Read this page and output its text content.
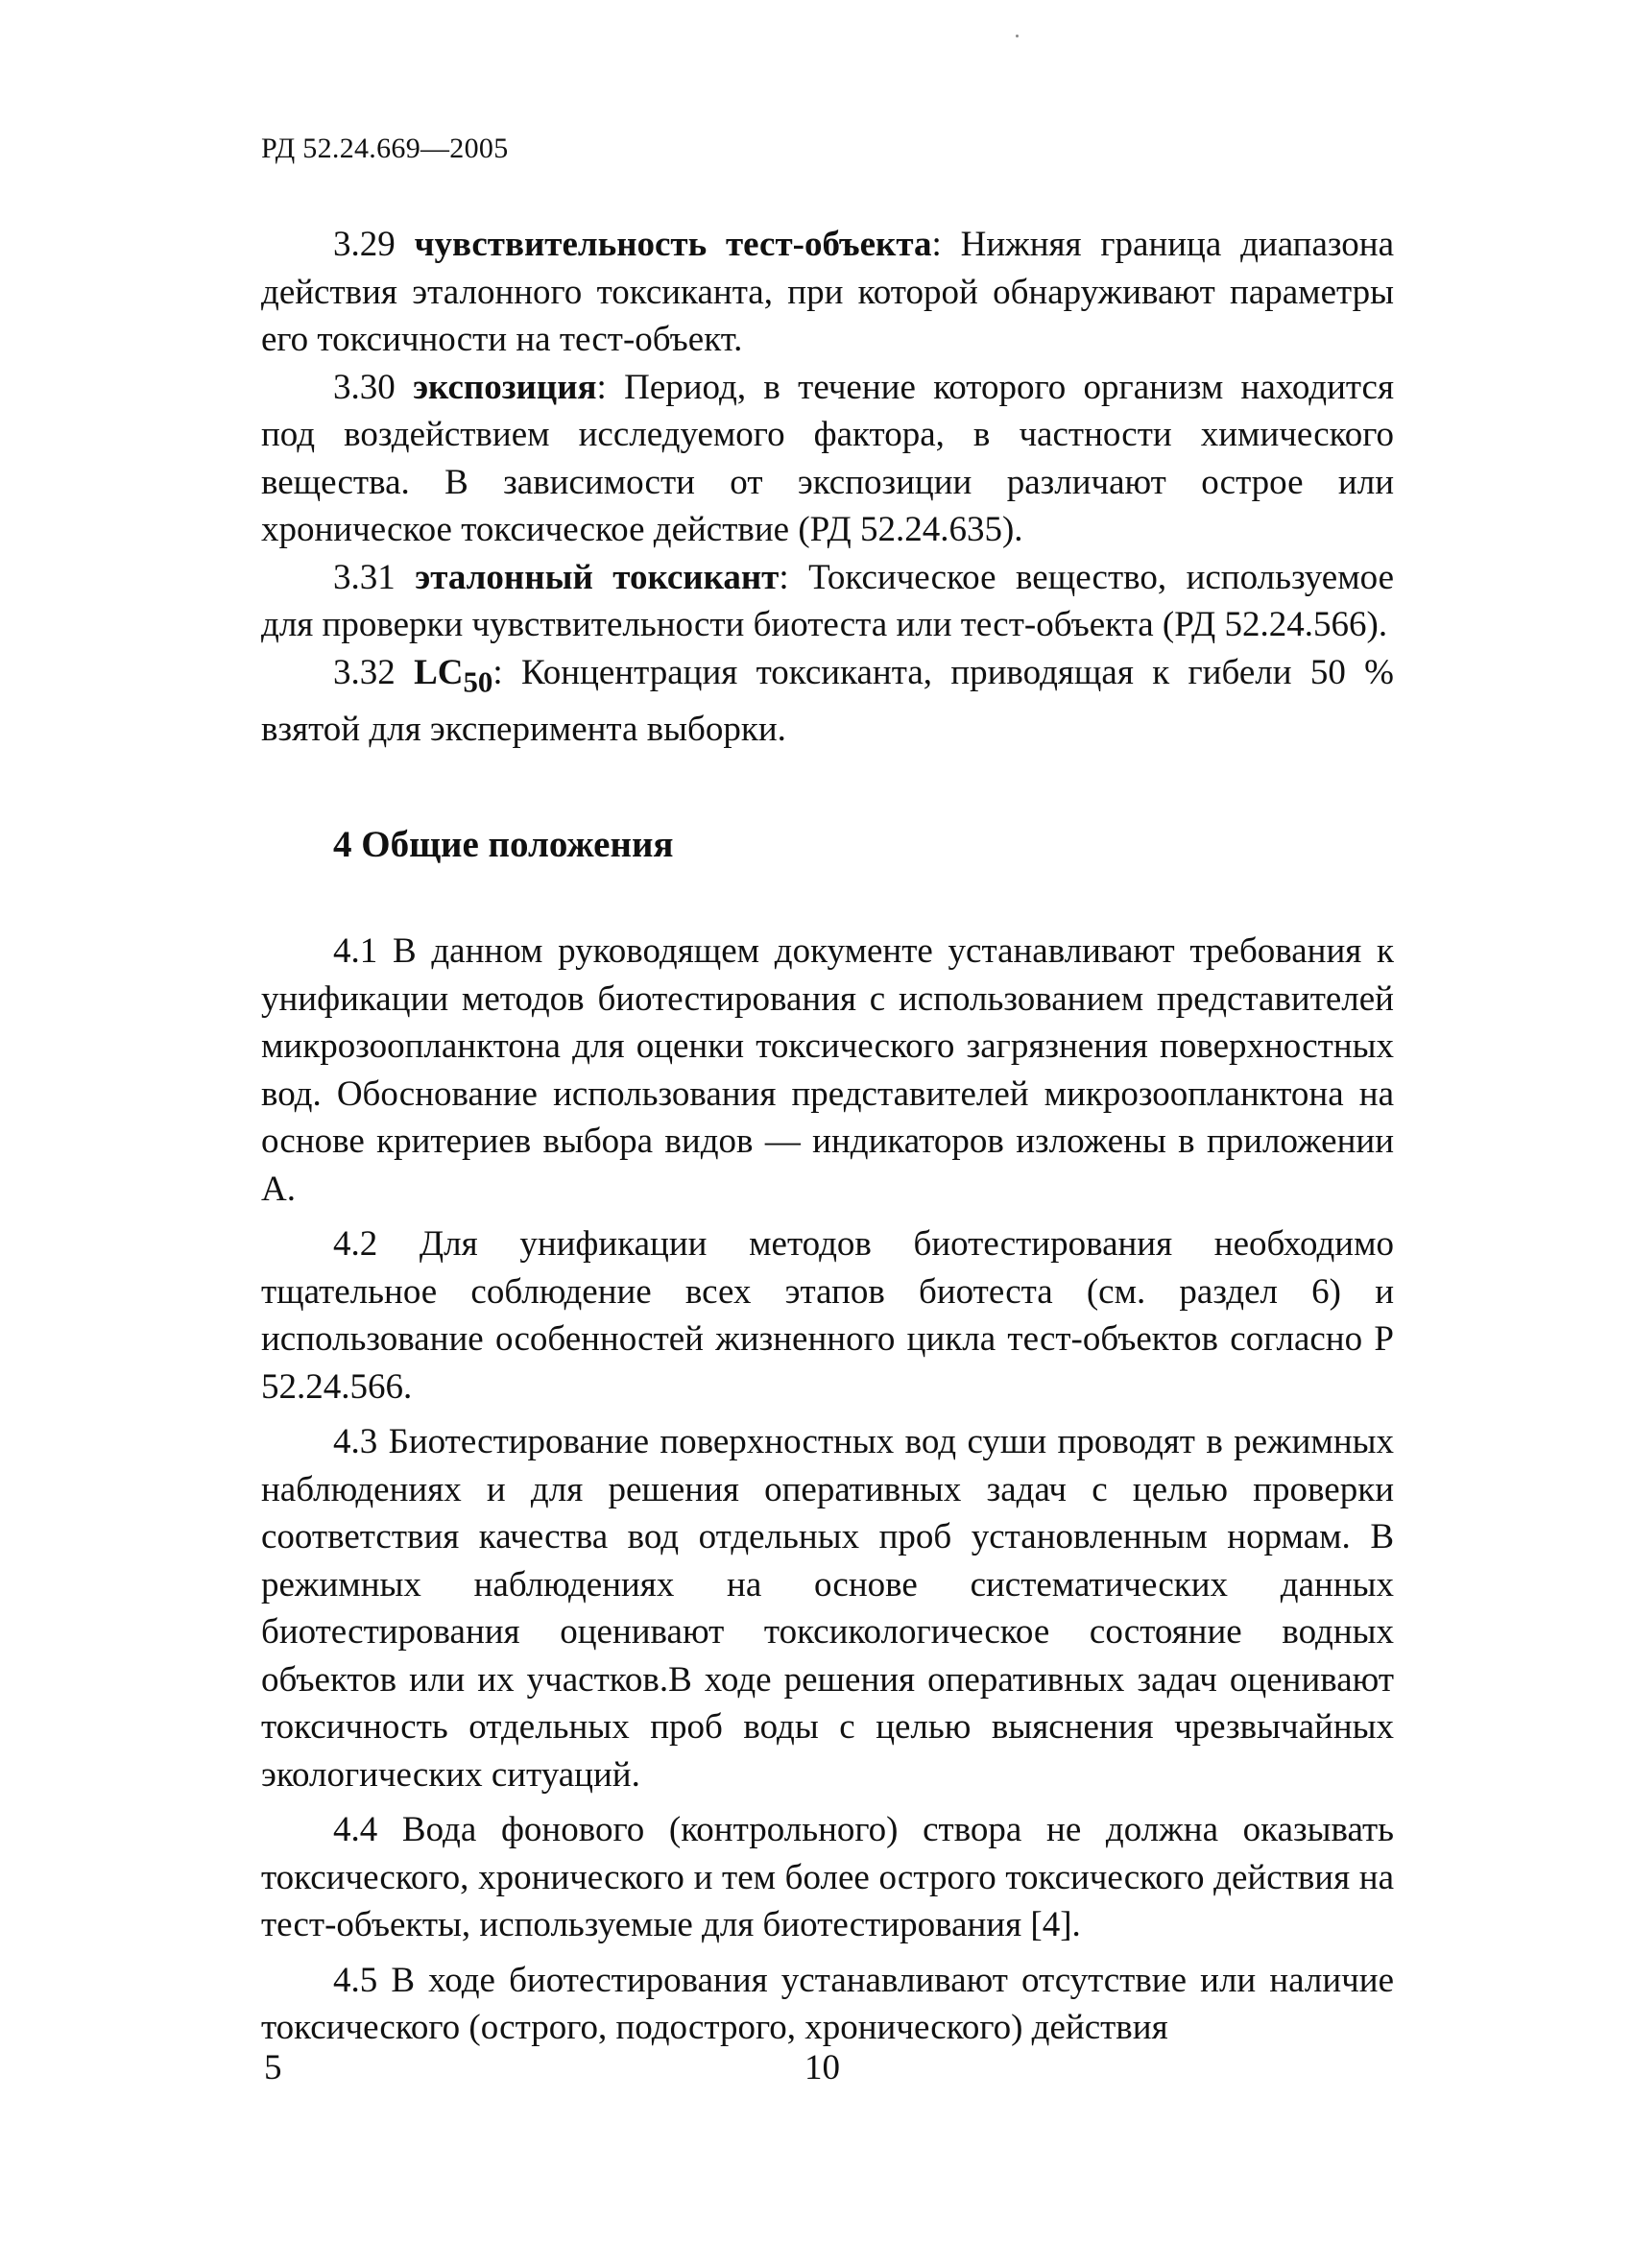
РД 52.24.669—2005

3.29 чувствительность тест-объекта: Нижняя граница диапазона действия эталонного токсиканта, при которой обнаруживают параметры его токсичности на тест-объект.

3.30 экспозиция: Период, в течение которого организм находится под воздействием исследуемого фактора, в частности химического вещества. В зависимости от экспозиции различают острое или хроническое токсическое действие (РД 52.24.635).

3.31 эталонный токсикант: Токсическое вещество, используемое для проверки чувствительности биотеста или тест-объекта (РД 52.24.566).

3.32 $LC_{50}$: Концентрация токсиканта, приводящая к гибели 50 % взятой для эксперимента выборки.

4 Общие положения

4.1 В данном руководящем документе устанавливают требования к унификации методов биотестирования с использованием представителей микрозоопланктона для оценки токсического загрязнения поверхностных вод. Обоснование использования представителей микрозоопланктона на основе критериев выбора видов — индикаторов изложены в приложении А.

4.2 Для унификации методов биотестирования необходимо тщательное соблюдение всех этапов биотеста (см. раздел 6) и использование особенностей жизненного цикла тест-объектов согласно Р 52.24.566.

4.3 Биотестирование поверхностных вод суши проводят в режимных наблюдениях и для решения оперативных задач с целью проверки соответствия качества вод отдельных проб установленным нормам. В режимных наблюдениях на основе систематических данных биотестирования оценивают токсикологическое состояние водных объектов или их участков.В ходе решения оперативных задач оценивают токсичность отдельных проб воды с целью выяснения чрезвычайных экологических ситуаций.

4.4 Вода фонового (контрольного) створа не должна оказывать токсического, хронического и тем более острого токсического действия на тест-объекты, используемые для биотестирования [4].

4.5 В ходе биотестирования устанавливают отсутствие или наличие токсического (острого, подострого, хронического) действия

5	10
